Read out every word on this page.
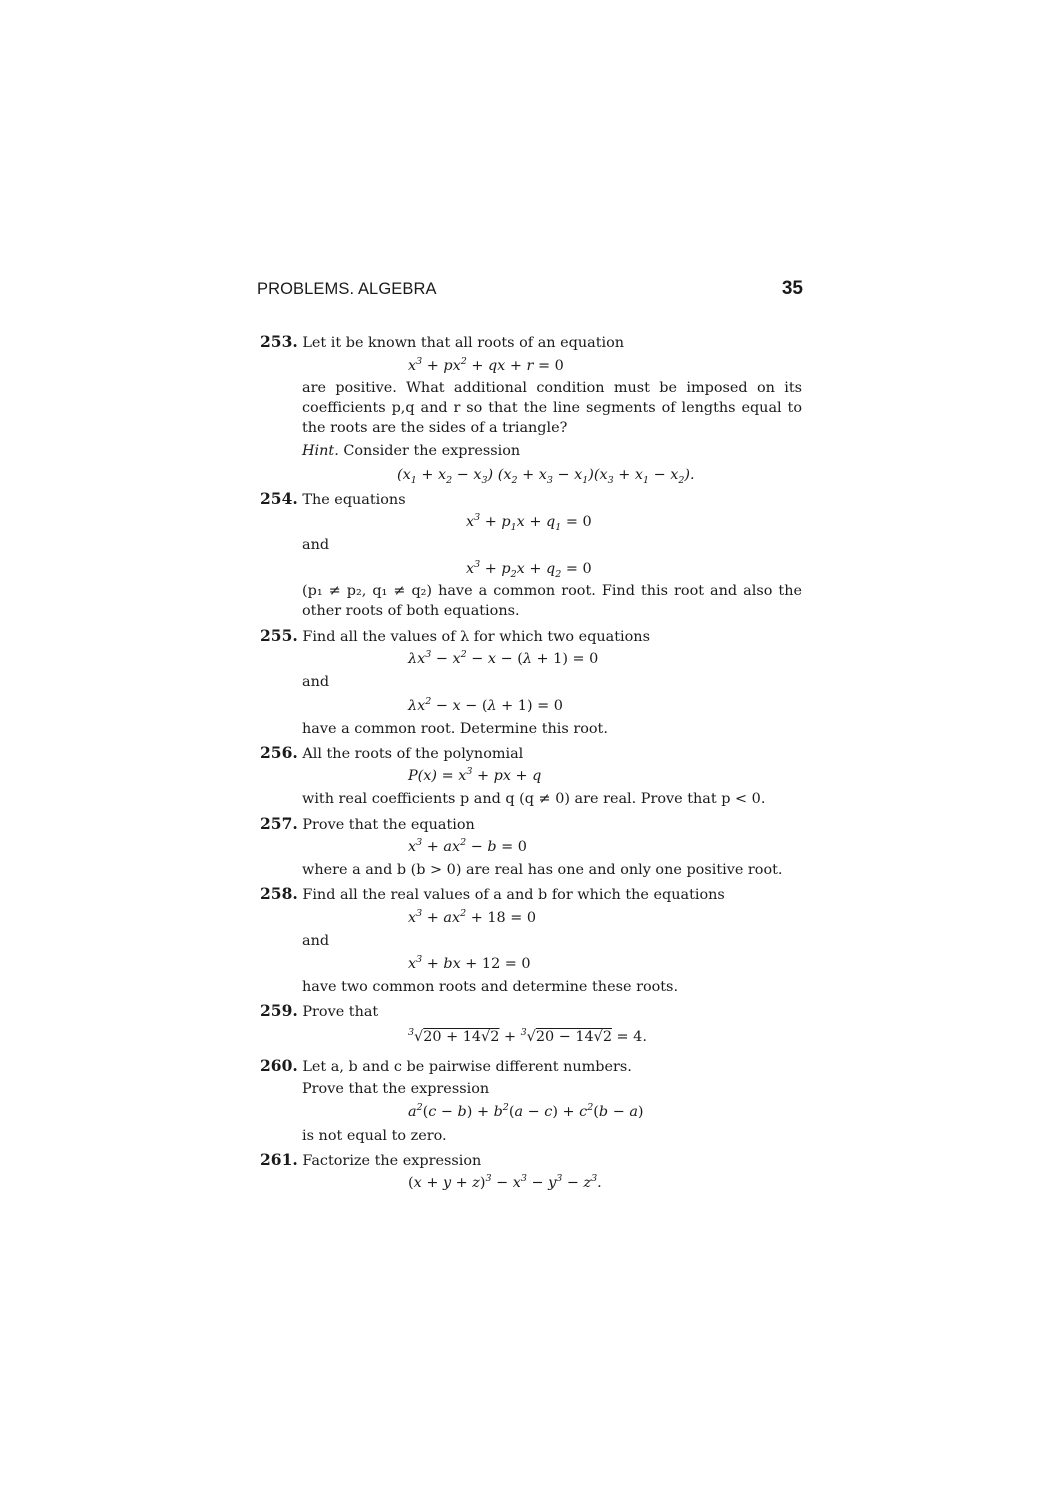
PROBLEMS. ALGEBRA	35
253. Let it be known that all roots of an equation
$x^3 + px^2$ + qx + r = 0
are positive. What additional condition must be imposed on its coefficients p,q and r so that the line segments of lengths equal to the roots are the sides of a triangle?
Hint. Consider the expression
$(x_1 + x_2 - x_3) (x_2 + x_3 - x_1)(x_3 + x_1 - x_2)$.
254. The equations
$x^3 + p_1x + q_1 = 0$
and
$x^3 + p_2x + q_2 = 0$
(p₁ ≠ p₂, q₁ ≠ q₂) have a common root. Find this root and also the other roots of both equations.
255. Find all the values of λ for which two equations
$\lambda x^3 - x^2 - x - (\lambda + 1) = 0$
and
$\lambda x^2 - x - (\lambda + 1) = 0$
have a common root. Determine this root.
256. All the roots of the polynomial
$P(x) = x^3$ + px + q
with real coefficients p and q (q ≠ 0) are real. Prove that p < 0.
257. Prove that the equation
$x^3 + ax^2 - b = 0$
where a and b (b > 0) are real has one and only one positive root.
258. Find all the real values of a and b for which the equations
$x^3 + ax^2 + 18 = 0$
and
$x^3$ + bx + 12 = 0
have two common roots and determine these roots.
259. Prove that
$^3$√20 + 14√2 + $^3$√20 − 14√2 = 4.
260. Let a, b and c be pairwise different numbers.
Prove that the expression
$a^2(c - b) + b^2(a - c) + c^2(b - a)$
is not equal to zero.
261. Factorize the expression
$(x + y + z)^3 - x^3 - y^3 - z^3$.
